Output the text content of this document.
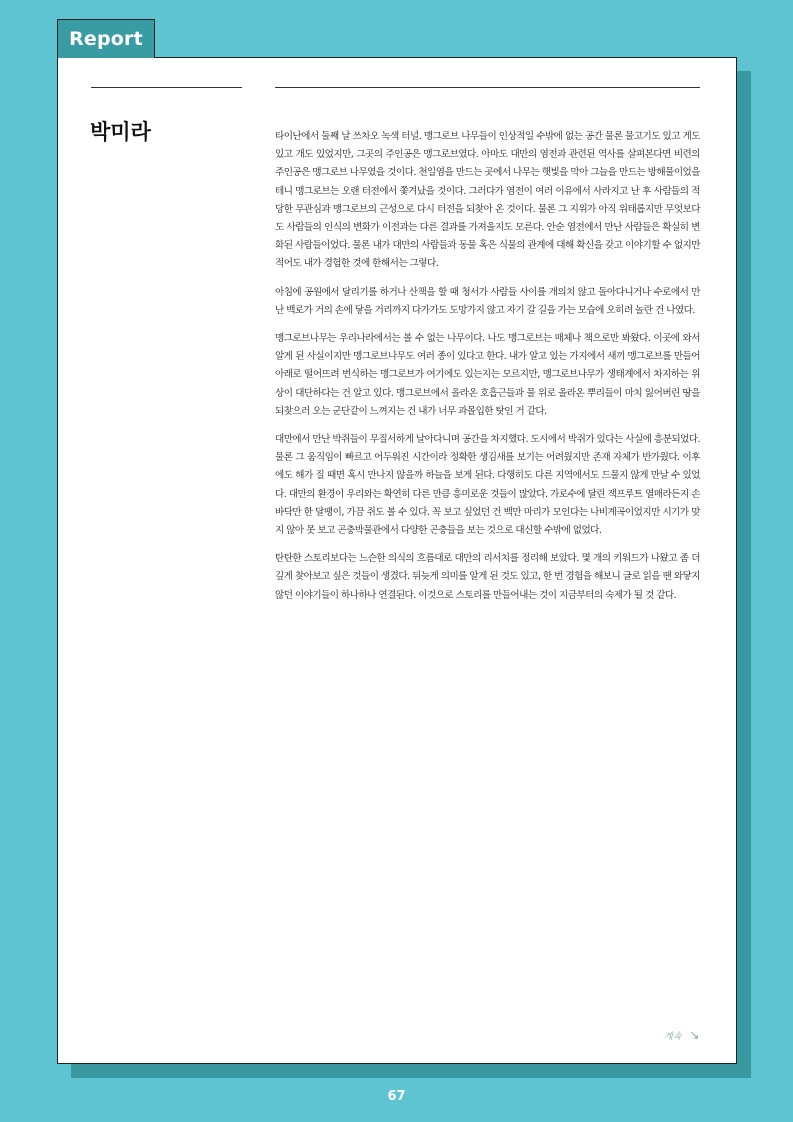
Report
박미라	타이난에서 둘째 날 쓰차오 녹색 터널. 맹그로브 나무들이 인상적일 수밖에 없는 공간 물론 물고기도 있고 게도 있고 개도 있었지만, 그곳의 주인공은 맹그로브였다. 아마도 대만의 염전과 관련된 역사를 살펴본다면 비련의 주인공은 맹그로브 나무였을 것이다. 천일염을 만드는 곳에서 나무는 햇빛을 막아 그늘을 만드는 방해물이었을 테니 맹그로브는 오랜 터전에서 쫓겨났을 것이다. 그러다가 염전이 여러 이유에서 사라지고 난 후 사람들의 적당한 무관심과 맹그로브의 근성으로 다시 터전을 되찾아 온 것이다. 물론 그 지위가 아직 위태롭지만 무엇보다도 사람들의 인식의 변화가 이전과는 다른 결과를 가져올지도 모른다. 안순 염전에서 만난 사람들은 확실히 변화된 사람들이었다. 물론 내가 대만의 사람들과 동물 혹은 식물의 관계에 대해 확신을 갖고 이야기할 수 없지만 적어도 내가 경험한 것에 한해서는 그렇다.

아침에 공원에서 달리기를 하거나 산책을 할 때 청서가 사람들 사이를 개의치 않고 돌아다니거나 수로에서 만난 백로가 거의 손에 닿을 거리까지 다가가도 도망가지 않고 자기 갈 길을 가는 모습에 오히려 놀란 건 나였다.

맹그로브나무는 우리나라에서는 볼 수 없는 나무이다. 나도 맹그로브는 매체나 책으로만 봐왔다. 이곳에 와서 알게 된 사실이지만 맹그로브나무도 여러 종이 있다고 한다. 내가 알고 있는 가지에서 새끼 맹그로브를 만들어 아래로 떨어뜨려 번식하는 맹그로브가 여기에도 있는지는 모르지만, 맹그로브나무가 생태계에서 차지하는 위상이 대단하다는 건 알고 있다. 맹그로브에서 올라온 호흡근들과 물 위로 올라온 뿌리들이 마치 잃어버린 땅을 되찾으러 오는 군단같이 느껴지는 건 내가 너무 과몰입한 탓인 거 같다.

대만에서 만난 박쥐들이 무질서하게 날아다니며 공간을 차지했다. 도시에서 박쥐가 있다는 사실에 흥분되었다. 물론 그 움직임이 빠르고 어두워진 시간이라 정확한 생김새를 보기는 어려웠지만 존재 자체가 반가웠다. 이후에도 해가 질 때면 혹시 만나지 않을까 하늘을 보게 된다. 다행히도 다른 지역에서도 드물지 않게 만날 수 있었다. 대만의 환경이 우리와는 확연히 다른 만큼 흥미로운 것들이 많았다. 가로수에 달린 잭프루트 열매라든지 손바닥만 한 달팽이, 가끔 쥐도 볼 수 있다. 꼭 보고 싶었던 건 백만 마리가 모인다는 나비계곡이었지만 시기가 맞지 않아 못 보고 곤충박물관에서 다양한 곤충들을 보는 것으로 대신할 수밖에 없었다.

탄탄한 스토리보다는 느슨한 의식의 흐름대로 대만의 리서치를 정리해 보았다. 몇 개의 키워드가 나왔고 좀 더 깊게 찾아보고 싶은 것들이 생겼다. 뒤늦게 의미를 알게 된 것도 있고, 한 번 경험을 해보니 글로 읽을 땐 와닿지 않던 이야기들이 하나하나 연결된다. 이것으로 스토리를 만들어내는 것이 지금부터의 숙제가 될 것 같다.

계속 ↘
67
